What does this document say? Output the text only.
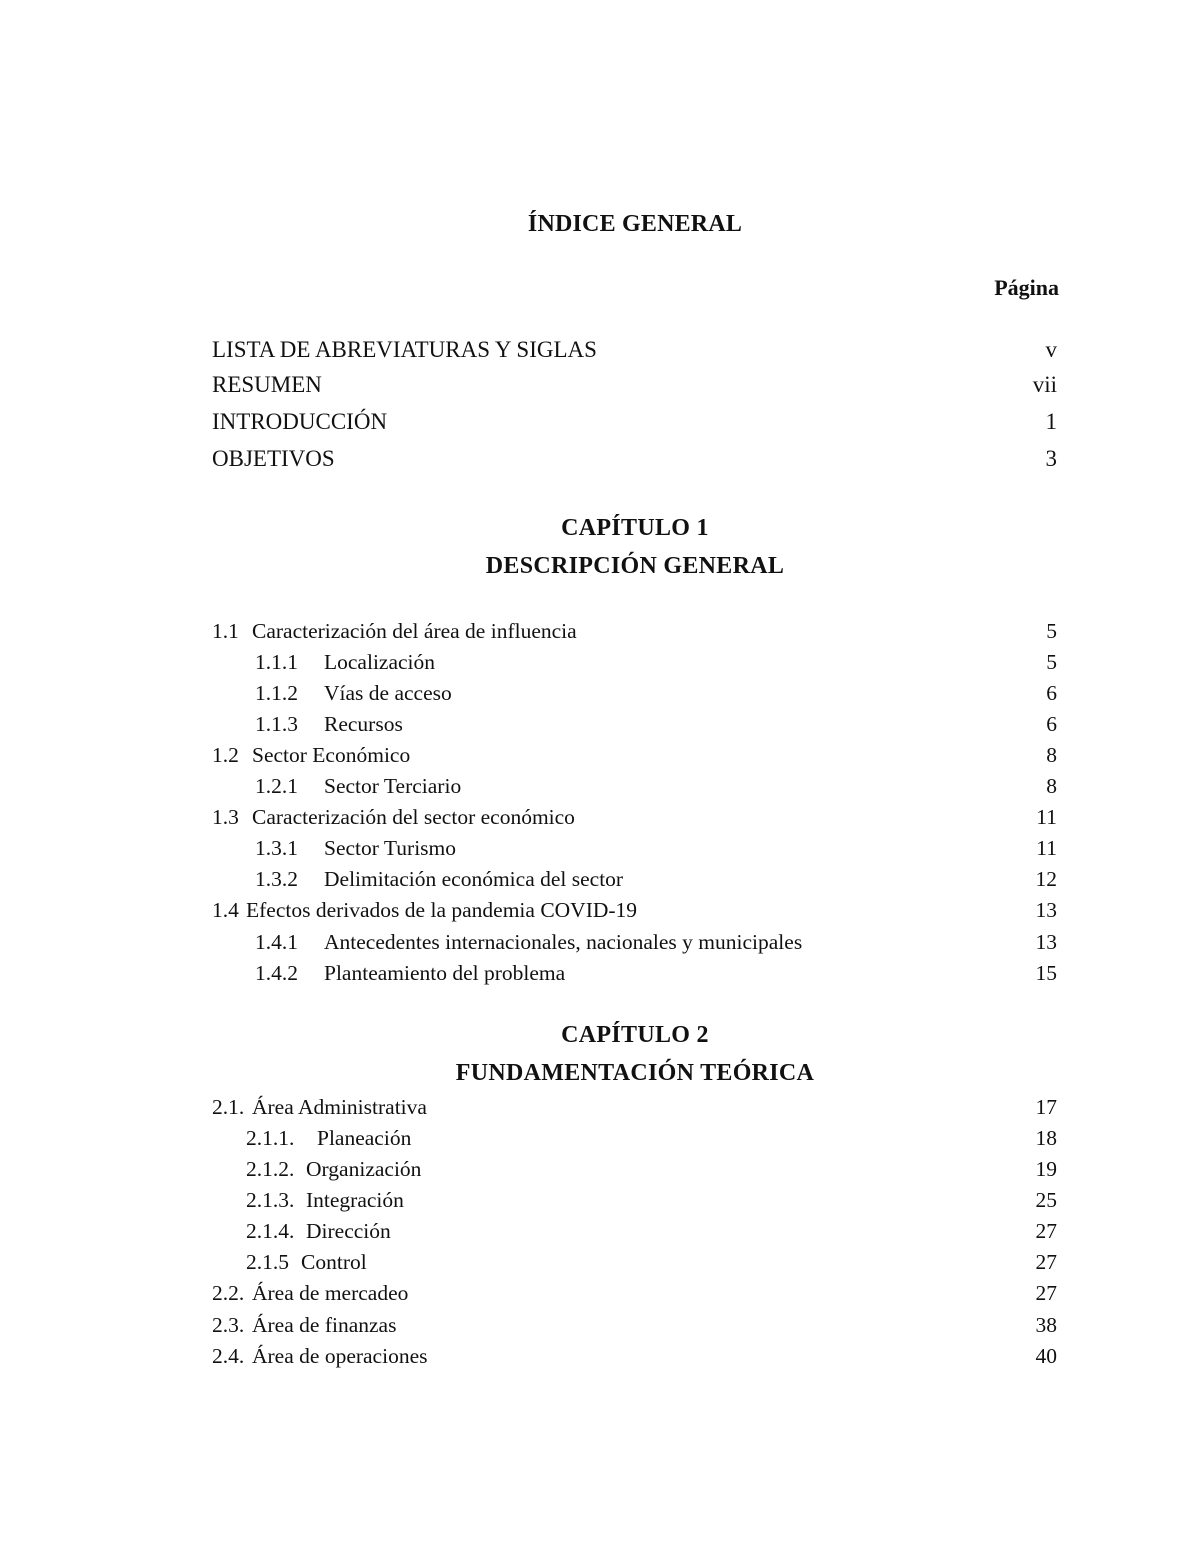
ÍNDICE GENERAL
Página
LISTA DE ABREVIATURAS Y SIGLAS	v
RESUMEN	vii
INTRODUCCIÓN	1
OBJETIVOS	3
CAPÍTULO 1
DESCRIPCIÓN GENERAL
1.1 Caracterización del área de influencia	5
1.1.1 Localización	5
1.1.2 Vías de acceso	6
1.1.3 Recursos	6
1.2 Sector Económico	8
1.2.1 Sector Terciario	8
1.3 Caracterización del sector económico	11
1.3.1 Sector Turismo	11
1.3.2 Delimitación económica del sector	12
1.4 Efectos derivados de la pandemia COVID-19	13
1.4.1 Antecedentes internacionales, nacionales y municipales	13
1.4.2 Planteamiento del problema	15
CAPÍTULO 2
FUNDAMENTACIÓN TEÓRICA
2.1. Área Administrativa	17
2.1.1. Planeación	18
2.1.2. Organización	19
2.1.3. Integración	25
2.1.4. Dirección	27
2.1.5 Control	27
2.2. Área de mercadeo	27
2.3. Área de finanzas	38
2.4. Área de operaciones	40
